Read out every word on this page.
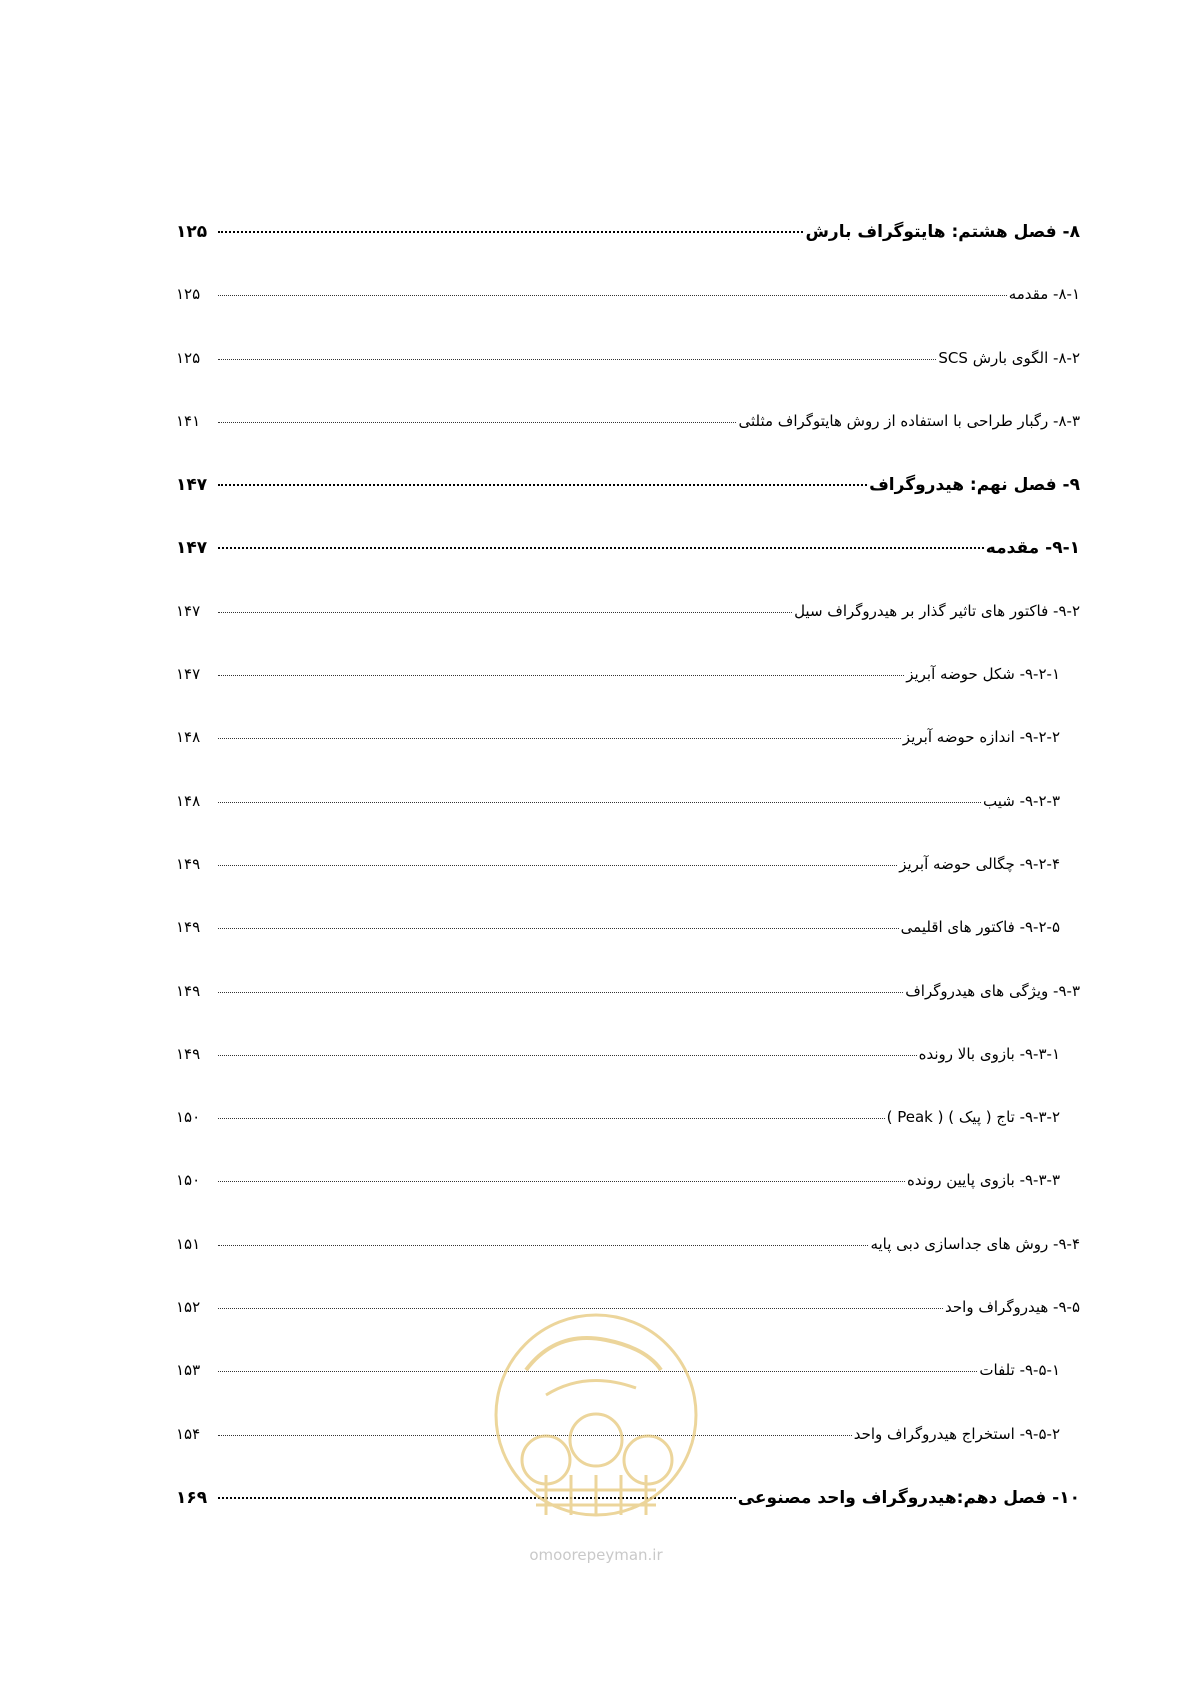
۸- فصل هشتم: هایتوگراف بارش
۱۲۵
۸-۱- مقدمه
۱۲۵
۸-۲- الگوی بارش SCS
۱۲۵
۸-۳- رگبار طراحی با استفاده از روش هایتوگراف مثلثی
۱۴۱
۹- فصل نهم: هیدروگراف
۱۴۷
۹-۱- مقدمه
۱۴۷
۹-۲- فاکتور های تاثیر گذار بر هیدروگراف سیل
۱۴۷
۹-۲-۱- شکل حوضه آبریز
۱۴۷
۹-۲-۲- اندازه حوضه آبریز
۱۴۸
۹-۲-۳- شیب
۱۴۸
۹-۲-۴- چگالی حوضه آبریز
۱۴۹
۹-۲-۵- فاکتور های اقلیمی
۱۴۹
۹-۳- ویژگی های هیدروگراف
۱۴۹
۹-۳-۱- بازوی بالا رونده
۱۴۹
۹-۳-۲- تاج ( پیک ) ( Peak )
۱۵۰
۹-۳-۳- بازوی پایین رونده
۱۵۰
۹-۴- روش های جداسازی دبی پایه
۱۵۱
۹-۵- هیدروگراف واحد
۱۵۲
۹-۵-۱- تلفات
۱۵۳
۹-۵-۲- استخراج هیدروگراف واحد
۱۵۴
۱۰- فصل دهم:هیدروگراف واحد مصنوعی
۱۶۹
omoorepeyman.ir
